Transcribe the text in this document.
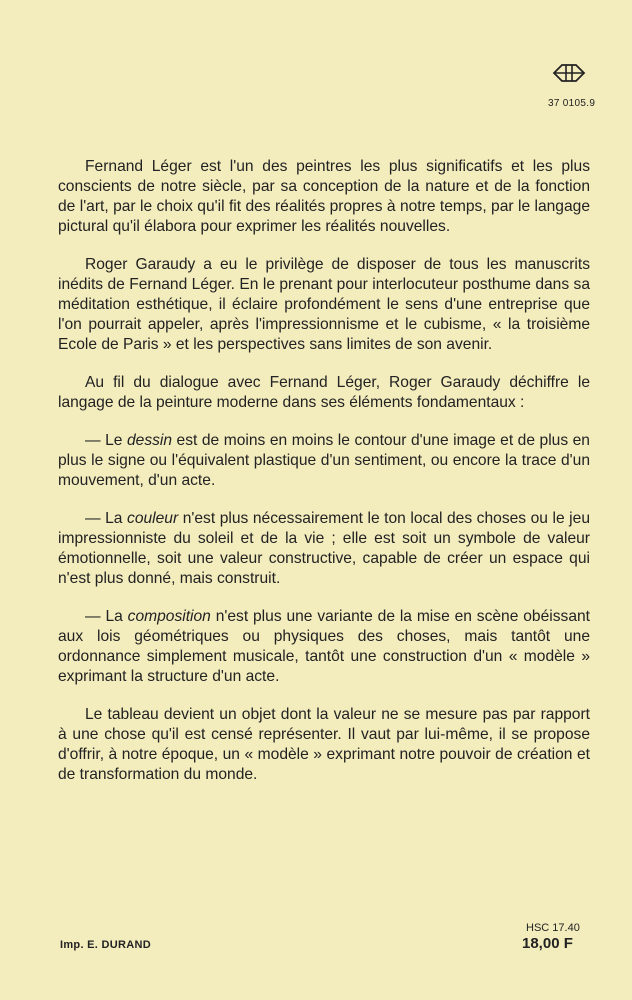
37 0105.9

Fernand Léger est l'un des peintres les plus significatifs et les plus conscients de notre siècle, par sa conception de la nature et de la fonction de l'art, par le choix qu'il fit des réalités propres à notre temps, par le langage pictural qu'il élabora pour exprimer les réalités nouvelles.

Roger Garaudy a eu le privilège de disposer de tous les manuscrits inédits de Fernand Léger. En le prenant pour interlocuteur posthume dans sa méditation esthétique, il éclaire profondément le sens d'une entreprise que l'on pourrait appeler, après l'impressionnisme et le cubisme, « la troisième Ecole de Paris » et les perspectives sans limites de son avenir.

Au fil du dialogue avec Fernand Léger, Roger Garaudy déchiffre le langage de la peinture moderne dans ses éléments fondamentaux :

— Le dessin est de moins en moins le contour d'une image et de plus en plus le signe ou l'équivalent plastique d'un sentiment, ou encore la trace d'un mouvement, d'un acte.

— La couleur n'est plus nécessairement le ton local des choses ou le jeu impressionniste du soleil et de la vie ; elle est soit un symbole de valeur émotionnelle, soit une valeur constructive, capable de créer un espace qui n'est plus donné, mais construit.

— La composition n'est plus une variante de la mise en scène obéissant aux lois géométriques ou physiques des choses, mais tantôt une ordonnance simplement musicale, tantôt une construction d'un « modèle » exprimant la structure d'un acte.

Le tableau devient un objet dont la valeur ne se mesure pas par rapport à une chose qu'il est censé représenter. Il vaut par lui-même, il se propose d'offrir, à notre époque, un « modèle » exprimant notre pouvoir de création et de transformation du monde.

Imp. E. DURAND
HSC 17.40
18,00 F
